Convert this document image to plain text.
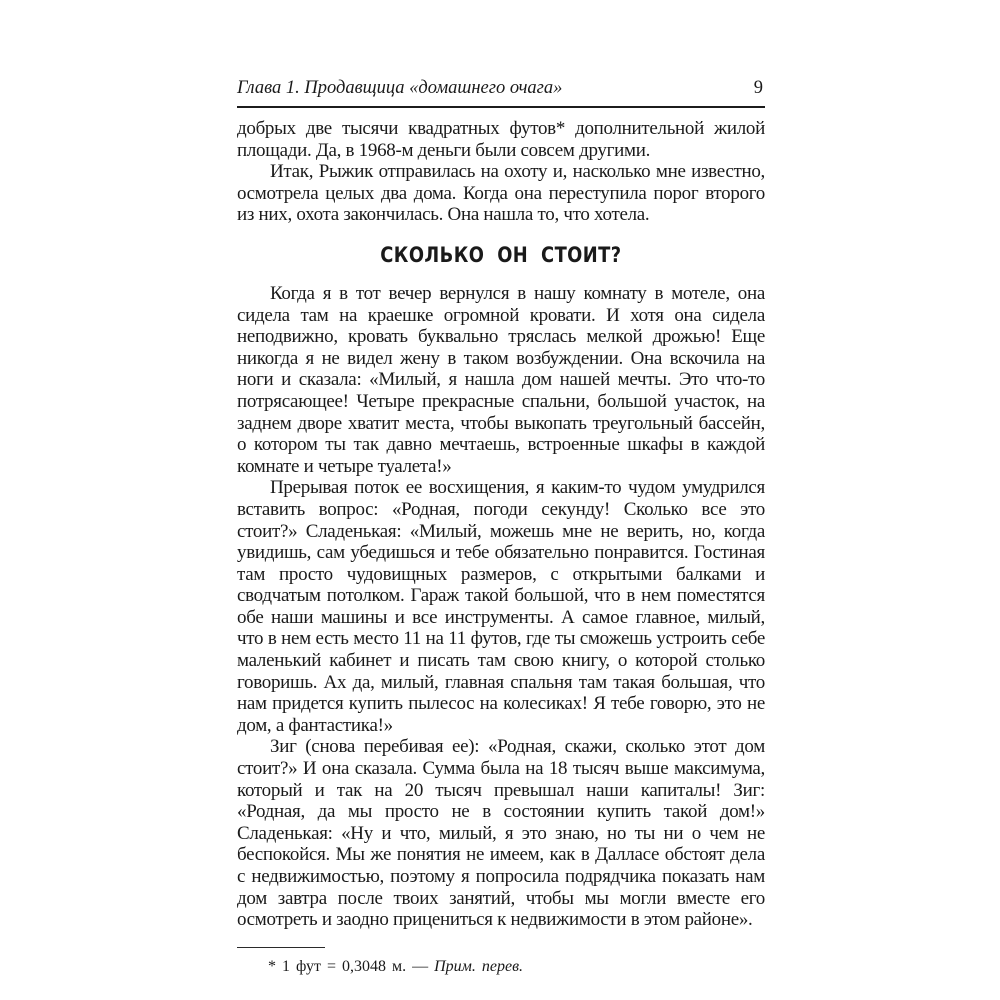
Глава 1. Продавщица «домашнего очага»	9

добрых две тысячи квадратных футов* дополнительной жилой площади. Да, в 1968-м деньги были совсем другими.

Итак, Рыжик отправилась на охоту и, насколько мне известно, осмотрела целых два дома. Когда она переступила порог второго из них, охота закончилась. Она нашла то, что хотела.

СКОЛЬКО ОН СТОИТ?

Когда я в тот вечер вернулся в нашу комнату в мотеле, она сидела там на краешке огромной кровати. И хотя она сидела неподвижно, кровать буквально тряслась мелкой дрожью! Еще никогда я не видел жену в таком возбуждении. Она вскочила на ноги и сказала: «Милый, я нашла дом нашей мечты. Это что-то потрясающее! Четыре прекрасные спальни, большой участок, на заднем дворе хватит места, чтобы выкопать треугольный бассейн, о котором ты так давно мечтаешь, встроенные шкафы в каждой комнате и четыре туалета!»

Прерывая поток ее восхищения, я каким-то чудом умудрился вставить вопрос: «Родная, погоди секунду! Сколько все это стоит?» Сладенькая: «Милый, можешь мне не верить, но, когда увидишь, сам убедишься и тебе обязательно понравится. Гостиная там просто чудовищных размеров, с открытыми балками и сводчатым потолком. Гараж такой большой, что в нем поместятся обе наши машины и все инструменты. А самое главное, милый, что в нем есть место 11 на 11 футов, где ты сможешь устроить себе маленький кабинет и писать там свою книгу, о которой столько говоришь. Ах да, милый, главная спальня там такая большая, что нам придется купить пылесос на колесиках! Я тебе говорю, это не дом, а фантастика!»

Зиг (снова перебивая ее): «Родная, скажи, сколько этот дом стоит?» И она сказала. Сумма была на 18 тысяч выше максимума, который и так на 20 тысяч превышал наши капиталы! Зиг: «Родная, да мы просто не в состоянии купить такой дом!» Сладенькая: «Ну и что, милый, я это знаю, но ты ни о чем не беспокойся. Мы же понятия не имеем, как в Далласе обстоят дела с недвижимостью, поэтому я попросила подрядчика показать нам дом завтра после твоих занятий, чтобы мы могли вместе его осмотреть и заодно прицениться к недвижимости в этом районе».

* 1 фут = 0,3048 м. — Прим. перев.
